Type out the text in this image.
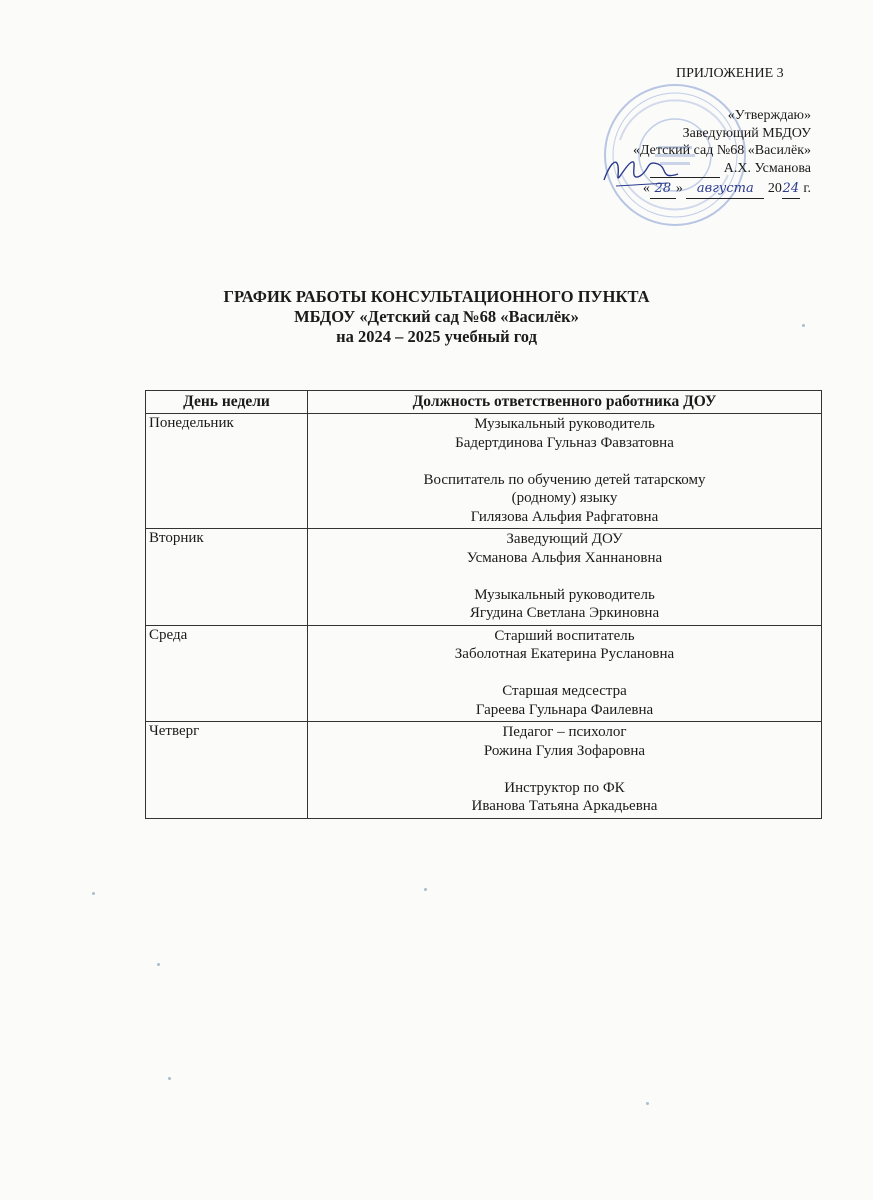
ПРИЛОЖЕНИЕ 3
«Утверждаю»
Заведующий МБДОУ
«Детский сад №68 «Василёк»
А.Х. Усманова
« 28 » августа 2024 г.
ГРАФИК РАБОТЫ КОНСУЛЬТАЦИОННОГО ПУНКТА
МБДОУ «Детский сад №68 «Василёк»
на 2024 – 2025 учебный год
День недели	Должность ответственного работника ДОУ
Понедельник	Музыкальный руководитель
Бадертдинова Гульназ Фавзатовна
Воспитатель по обучению детей татарскому
(родному) языку
Гилязова Альфия Рафгатовна

Вторник	Заведующий ДОУ
Усманова Альфия Ханнановна
Музыкальный руководитель
Ягудина Светлана Эркиновна

Среда	Старший воспитатель
Заболотная Екатерина Руслановна
Старшая медсестра
Гареева Гульнара Фаилевна

Четверг	Педагог – психолог
Рожина Гулия Зофаровна
Инструктор по ФК
Иванова Татьяна Аркадьевна
